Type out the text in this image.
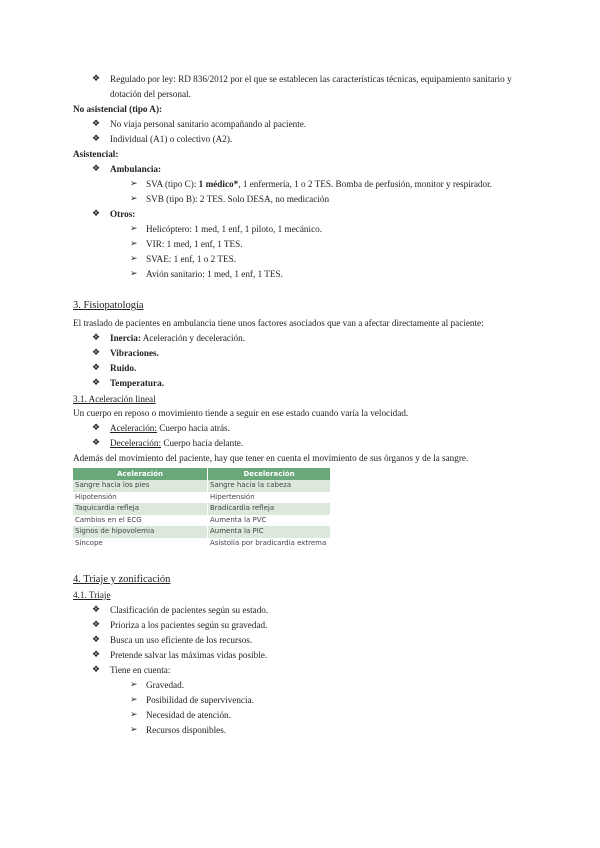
❖ Regulado por ley: RD 836/2012 por el que se establecen las características técnicas, equipamiento sanitario y
dotación del personal.
No asistencial (tipo A):
❖ No viaja personal sanitario acompañando al paciente.
❖ Individual (A1) o colectivo (A2).
Asistencial:
❖ Ambulancia:
➢ SVA (tipo C): 1 médico*, 1 enfermería, 1 o 2 TES. Bomba de perfusión, monitor y respirador.
➢ SVB (tipo B): 2 TES. Solo DESA, no medicación
❖ Otros:
➢ Helicóptero: 1 med, 1 enf, 1 piloto, 1 mecánico.
➢ VIR: 1 med, 1 enf, 1 TES.
➢ SVAE: 1 enf, 1 o 2 TES.
➢ Avión sanitario: 1 med, 1 enf, 1 TES.
3. Fisiopatología
El traslado de pacientes en ambulancia tiene unos factores asociados que van a afectar directamente al paciente:
❖ Inercia: Aceleración y deceleración.
❖ Vibraciones.
❖ Ruido.
❖ Temperatura.
3.1. Aceleración lineal
Un cuerpo en reposo o movimiento tiende a seguir en ese estado cuando varía la velocidad.
❖ Aceleración: Cuerpo hacia atrás.
❖ Deceleración: Cuerpo hacia delante.
Además del movimiento del paciente, hay que tener en cuenta el movimiento de sus órganos y de la sangre.
Aceleración	Deceleración
Sangre hacia los pies	Sangre hacia la cabeza
Hipotensión	Hipertensión
Taquicardia refleja	Bradicardia refleja
Cambios en el ECG	Aumenta la PVC
Signos de hipovolemia	Aumenta la PIC
Síncope	Asistolia por bradicardia extrema
4. Triaje y zonificación
4.1. Triaje
❖ Clasificación de pacientes según su estado.
❖ Prioriza a los pacientes según su gravedad.
❖ Busca un uso eficiente de los recursos.
❖ Pretende salvar las máximas vidas posible.
❖ Tiene en cuenta:
➢ Gravedad.
➢ Posibilidad de supervivencia.
➢ Necesidad de atención.
➢ Recursos disponibles.
